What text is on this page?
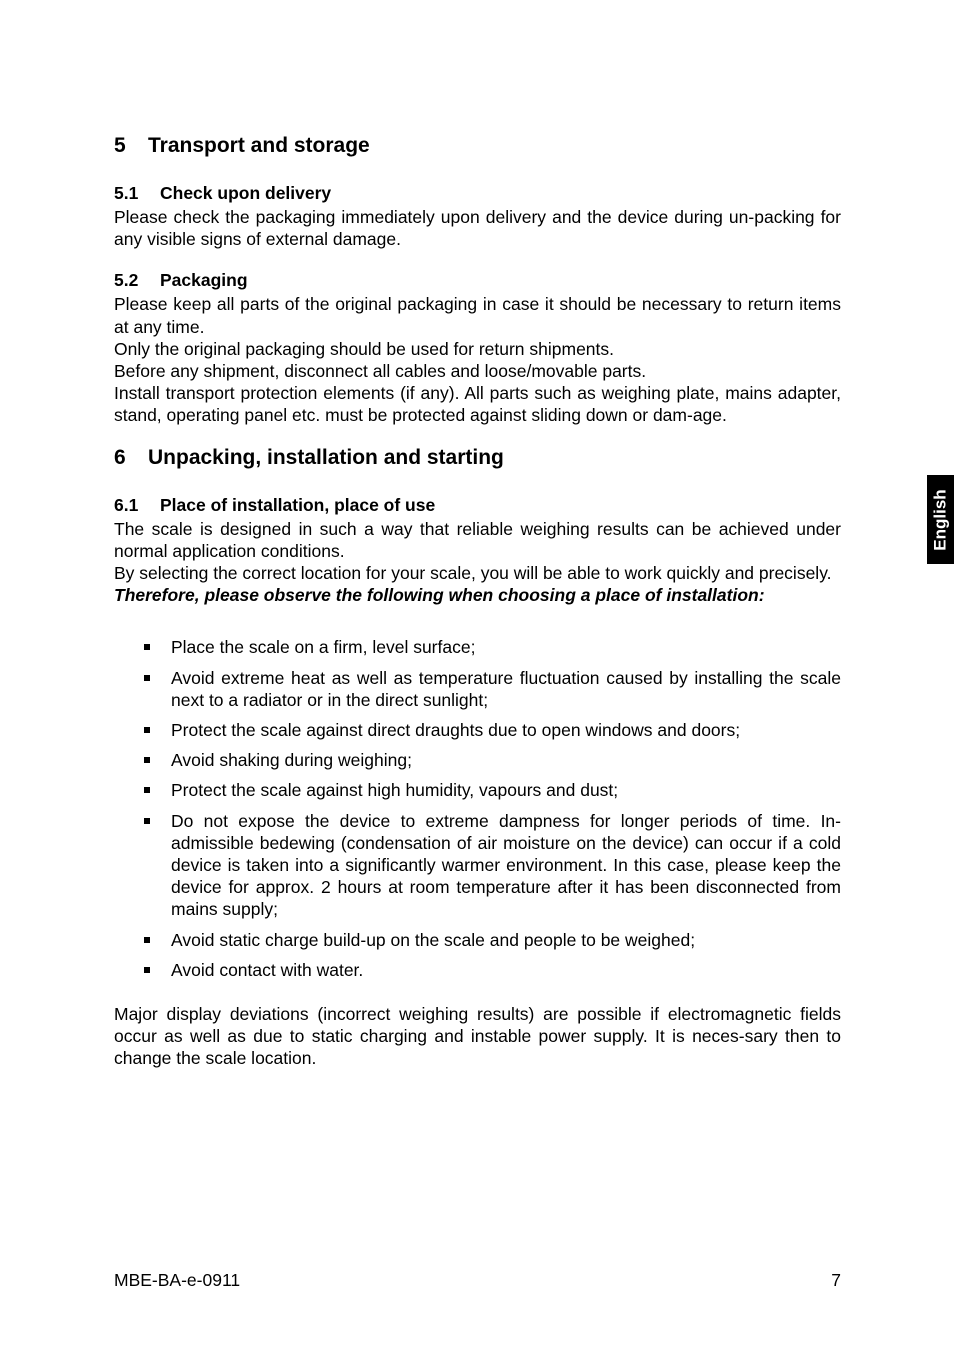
5 Transport and storage
5.1 Check upon delivery

Please check the packaging immediately upon delivery and the device during un-packing for any visible signs of external damage.

5.2 Packaging

Please keep all parts of the original packaging in case it should be necessary to return items at any time.

Only the original packaging should be used for return shipments.

Before any shipment, disconnect all cables and loose/movable parts.

Install transport protection elements (if any). All parts such as weighing plate, mains adapter, stand, operating panel etc. must be protected against sliding down or dam-age.

6 Unpacking, installation and starting
6.1 Place of installation, place of use

The scale is designed in such a way that reliable weighing results can be achieved under normal application conditions.

By selecting the correct location for your scale, you will be able to work quickly and precisely.

Therefore, please observe the following when choosing a place of installation:

Place the scale on a firm, level surface;
Avoid extreme heat as well as temperature fluctuation caused by installing the scale next to a radiator or in the direct sunlight;
Protect the scale against direct draughts due to open windows and doors;
Avoid shaking during weighing;
Protect the scale against high humidity, vapours and dust;
Do not expose the device to extreme dampness for longer periods of time. In-admissible bedewing (condensation of air moisture on the device) can occur if a cold device is taken into a significantly warmer environment. In this case, please keep the device for approx. 2 hours at room temperature after it has been disconnected from mains supply;
Avoid static charge build-up on the scale and people to be weighed;
Avoid contact with water.

Major display deviations (incorrect weighing results) are possible if electromagnetic fields occur as well as due to static charging and instable power supply. It is neces-sary then to change the scale location.

English
MBE-BA-e-0911	7
